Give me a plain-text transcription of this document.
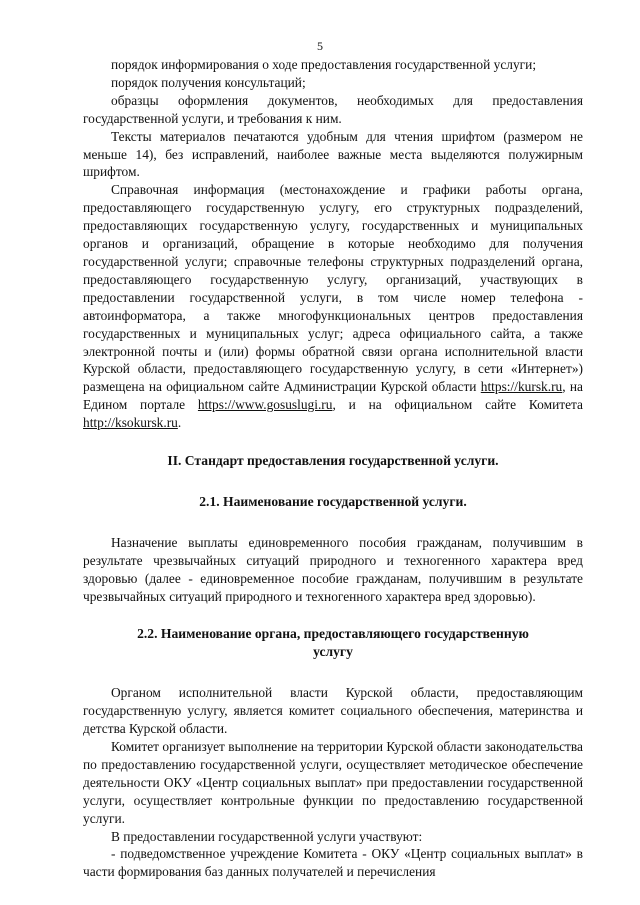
5

порядок информирования о ходе предоставления государственной услуги;

порядок получения консультаций;

образцы оформления документов, необходимых для предоставления государственной услуги, и требования к ним.

Тексты материалов печатаются удобным для чтения шрифтом (размером не меньше 14), без исправлений, наиболее важные места выделяются полужирным шрифтом.

Справочная информация (местонахождение и графики работы органа, предоставляющего государственную услугу, его структурных подразделений, предоставляющих государственную услугу, государственных и муниципальных органов и организаций, обращение в которые необходимо для получения государственной услуги; справочные телефоны структурных подразделений органа, предоставляющего государственную услугу, организаций, участвующих в предоставлении государственной услуги, в том числе номер телефона - автоинформатора, а также многофункциональных центров предоставления государственных и муниципальных услуг; адреса официального сайта, а также электронной почты и (или) формы обратной связи органа исполнительной власти Курской области, предоставляющего государственную услугу, в сети «Интернет») размещена на официальном сайте Администрации Курской области https://kursk.ru, на Едином портале https://www.gosuslugi.ru, и на официальном сайте Комитета http://ksokursk.ru.

II. Стандарт предоставления государственной услуги.

2.1. Наименование государственной услуги.

Назначение выплаты единовременного пособия гражданам, получившим в результате чрезвычайных ситуаций природного и техногенного характера вред здоровью (далее - единовременное пособие гражданам, получившим в результате чрезвычайных ситуаций природного и техногенного характера вред здоровью).

2.2. Наименование органа, предоставляющего государственную
услугу

Органом исполнительной власти Курской области, предоставляющим государственную услугу, является комитет социального обеспечения, материнства и детства Курской области.

Комитет организует выполнение на территории Курской области законодательства по предоставлению государственной услуги, осуществляет методическое обеспечение деятельности ОКУ «Центр социальных выплат» при предоставлении государственной услуги, осуществляет контрольные функции по предоставлению государственной услуги.

В предоставлении государственной услуги участвуют:

- подведомственное учреждение Комитета - ОКУ «Центр социальных выплат» в части формирования баз данных получателей и перечисления
